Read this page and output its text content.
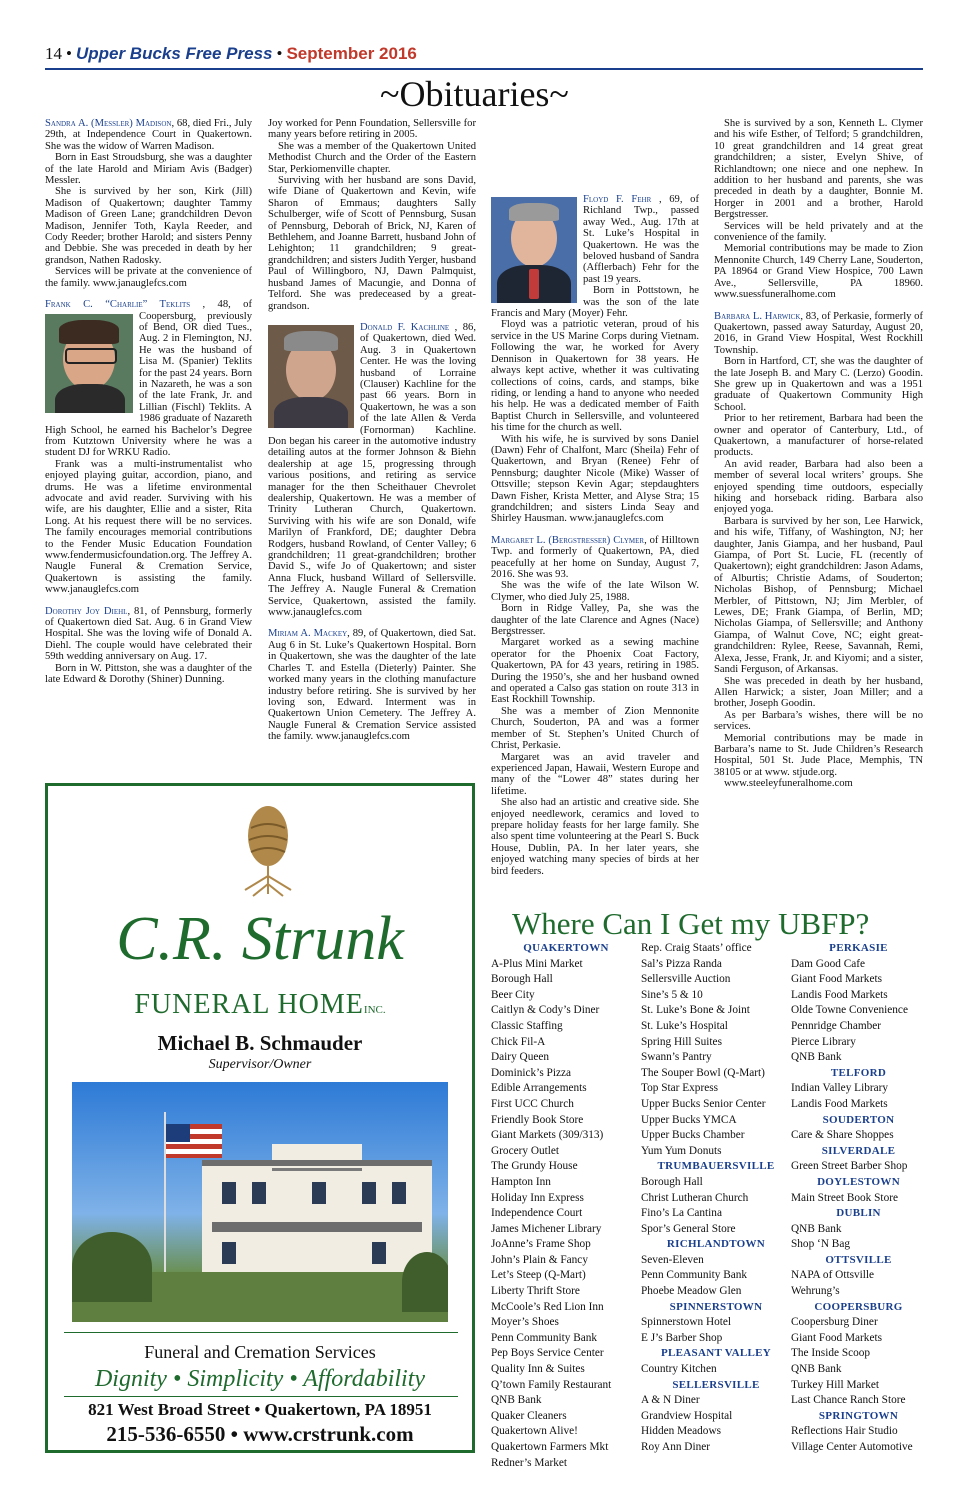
14 • Upper Bucks Free Press • September 2016
~Obituaries~

Sandra A. (Messler) Madison, 68, died Fri., July 29th, at Independence Court in Quakertown. She was the widow of Warren Madison.

Born in East Stroudsburg, she was a daughter of the late Harold and Miriam Avis (Badger) Messler.

She is survived by her son, Kirk (Jill) Madison of Quakertown; daughter Tammy Madison of Green Lane; grandchildren Devon Madison, Jennifer Toth, Kayla Reeder, and Cody Reeder; brother Harold; and sisters Penny and Debbie. She was preceded in death by her grandson, Nathen Radosky.

Services will be private at the convenience of the family. www.janauglefcs.com

Frank C. “Charlie” Teklits , 48, of Coopersburg, previously of Bend, OR died Tues., Aug. 2 in Flemington, NJ. He was the husband of Lisa M. (Spanier) Teklits for the past 24 years. Born in Nazareth, he was a son of the late Frank, Jr. and Lillian (Fischl) Teklits. A 1986 graduate of Nazareth High School, he earned his Bachelor’s Degree from Kutztown University where he was a student DJ for WRKU Radio.

Frank was a multi-instrumentalist who enjoyed playing guitar, accordion, piano, and drums. He was a lifetime environmental advocate and avid reader. Surviving with his wife, are his daughter, Ellie and a sister, Rita Long. At his request there will be no services. The family encourages memorial contributions to the Fender Music Education Foundation www.fendermusicfoundation.org. The Jeffrey A. Naugle Funeral & Cremation Service, Quakertown is assisting the family. www.janauglefcs.com

Dorothy Joy Diehl, 81, of Pennsburg, formerly of Quakertown died Sat. Aug. 6 in Grand View Hospital. She was the loving wife of Donald A. Diehl. The couple would have celebrated their 59th wedding anniversary on Aug. 17.

Born in W. Pittston, she was a daughter of the late Edward & Dorothy (Shiner) Dunning.

Joy worked for Penn Foundation, Sellersville for many years before retiring in 2005.

She was a member of the Quakertown United Methodist Church and the Order of the Eastern Star, Perkiomenville chapter.

Surviving with her husband are sons David, wife Diane of Quakertown and Kevin, wife Sharon of Emmaus; daughters Sally Schulberger, wife of Scott of Pennsburg, Susan of Pennsburg, Deborah of Brick, NJ, Karen of Bethlehem, and Joanne Barrett, husband John of Lehighton; 11 grandchildren; 9 great-grandchildren; and sisters Judith Yerger, husband Paul of Willingboro, NJ, Dawn Palmquist, husband James of Macungie, and Donna of Telford. She was predeceased by a great-grandson.

Donald F. Kachline , 86, of Quakertown, died Wed. Aug. 3 in Quakertown Center. He was the loving husband of Lorraine (Clauser) Kachline for the past 66 years. Born in Quakertown, he was a son of the late Allen & Verda (Fornorman) Kachline. Don began his career in the automotive industry detailing autos at the former Johnson & Biehn dealership at age 15, progressing through various positions, and retiring as service manager for the then Scheithauer Chevrolet dealership, Quakertown. He was a member of Trinity Lutheran Church, Quakertown. Surviving with his wife are son Donald, wife Marilyn of Frankford, DE; daughter Debra Rodgers, husband Rowland, of Center Valley; 6 grandchildren; 11 great-grandchildren; brother David S., wife Jo of Quakertown; and sister Anna Fluck, husband Willard of Sellersville. The Jeffrey A. Naugle Funeral & Cremation Service, Quakertown, assisted the family. www.janauglefcs.com

Miriam A. Mackey, 89, of Quakertown, died Sat. Aug 6 in St. Luke’s Quakertown Hospital. Born in Quakertown, she was the daughter of the late Charles T. and Estella (Dieterly) Painter. She worked many years in the clothing manufacture industry before retiring. She is survived by her loving son, Edward. Interment was in Quakertown Union Cemetery. The Jeffrey A. Naugle Funeral & Cremation Service assisted the family. www.janauglefcs.com

Floyd F. Fehr , 69, of Richland Twp., passed away Wed., Aug. 17th at St. Luke’s Hospital in Quakertown. He was the beloved husband of Sandra (Afflerbach) Fehr for the past 19 years.

Born in Pottstown, he was the son of the late Francis and Mary (Moyer) Fehr.

Floyd was a patriotic veteran, proud of his service in the US Marine Corps during Vietnam. Following the war, he worked for Avery Dennison in Quakertown for 38 years. He always kept active, whether it was cultivating collections of coins, cards, and stamps, bike riding, or lending a hand to anyone who needed his help. He was a dedicated member of Faith Baptist Church in Sellersville, and volunteered his time for the church as well.

With his wife, he is survived by sons Daniel (Dawn) Fehr of Chalfont, Marc (Sheila) Fehr of Quakertown, and Bryan (Renee) Fehr of Pennsburg; daughter Nicole (Mike) Wasser of Ottsville; stepson Kevin Agar; stepdaughters Dawn Fisher, Krista Metter, and Alyse Stra; 15 grandchildren; and sisters Linda Seay and Shirley Hausman. www.janauglefcs.com

Margaret L. (Bergstresser) Clymer, of Hilltown Twp. and formerly of Quakertown, PA, died peacefully at her home on Sunday, August 7, 2016. She was 93.

She was the wife of the late Wilson W. Clymer, who died July 25, 1988.

Born in Ridge Valley, Pa, she was the daughter of the late Clarence and Agnes (Nace) Bergstresser.

Margaret worked as a sewing machine operator for the Phoenix Coat Factory, Quakertown, PA for 43 years, retiring in 1985. During the 1950’s, she and her husband owned and operated a Calso gas station on route 313 in East Rockhill Township.

She was a member of Zion Mennonite Church, Souderton, PA and was a former member of St. Stephen’s United Church of Christ, Perkasie.

Margaret was an avid traveler and experienced Japan, Hawaii, Western Europe and many of the “Lower 48” states during her lifetime.

She also had an artistic and creative side. She enjoyed needlework, ceramics and loved to prepare holiday feasts for her large family. She also spent time volunteering at the Pearl S. Buck House, Dublin, PA. In her later years, she enjoyed watching many species of birds at her bird feeders.

She is survived by a son, Kenneth L. Clymer and his wife Esther, of Telford; 5 grandchildren, 10 great grandchildren and 14 great great grandchildren; a sister, Evelyn Shive, of Richlandtown; one niece and one nephew. In addition to her husband and parents, she was preceded in death by a daughter, Bonnie M. Horger in 2001 and a brother, Harold Bergstresser.

Services will be held privately and at the convenience of the family.

Memorial contributions may be made to Zion Mennonite Church, 149 Cherry Lane, Souderton, PA 18964 or Grand View Hospice, 700 Lawn Ave., Sellersville, PA 18960. www.suessfuneralhome.com

Barbara L. Harwick, 83, of Perkasie, formerly of Quakertown, passed away Saturday, August 20, 2016, in Grand View Hospital, West Rockhill Township.

Born in Hartford, CT, she was the daughter of the late Joseph B. and Mary C. (Lerzo) Goodin. She grew up in Quakertown and was a 1951 graduate of Quakertown Community High School.

Prior to her retirement, Barbara had been the owner and operator of Canterbury, Ltd., of Quakertown, a manufacturer of horse-related products.

An avid reader, Barbara had also been a member of several local writers’ groups. She enjoyed spending time outdoors, especially hiking and horseback riding. Barbara also enjoyed yoga.

Barbara is survived by her son, Lee Harwick, and his wife, Tiffany, of Washington, NJ; her daughter, Janis Giampa, and her husband, Paul Giampa, of Port St. Lucie, FL (recently of Quakertown); eight grandchildren: Jason Adams, of Alburtis; Christie Adams, of Souderton; Nicholas Bishop, of Pennsburg; Michael Merbler, of Pittstown, NJ; Jim Merbler, of Lewes, DE; Frank Giampa, of Berlin, MD; Nicholas Giampa, of Sellersville; and Anthony Giampa, of Walnut Cove, NC; eight great-grandchildren: Rylee, Reese, Savannah, Remi, Alexa, Jesse, Frank, Jr. and Kiyomi; and a sister, Sandi Ferguson, of Arkansas.

She was preceded in death by her husband, Allen Harwick; a sister, Joan Miller; and a brother, Joseph Goodin.

As per Barbara’s wishes, there will be no services.

Memorial contributions may be made in Barbara’s name to St. Jude Children’s Research Hospital, 501 St. Jude Place, Memphis, TN 38105 or at www. stjude.org.

www.steeleyfuneralhome.com

C.R. Strunk
FUNERAL HOMEINC.
Michael B. Schmauder
Supervisor/Owner
Funeral and Cremation Services
Dignity • Simplicity • Affordability
821 West Broad Street • Quakertown, PA 18951
215-536-6550 • www.crstrunk.com
Where Can I Get my UBFP?
QUAKERTOWN
A-Plus Mini Market
Borough Hall
Beer City
Caitlyn & Cody’s Diner
Classic Staffing
Chick Fil-A
Dairy Queen
Dominick’s Pizza
Edible Arrangements
First UCC Church
Friendly Book Store
Giant Markets (309/313)
Grocery Outlet
The Grundy House
Hampton Inn
Holiday Inn Express
Independence Court
James Michener Library
JoAnne’s Frame Shop
John’s Plain & Fancy
Let’s Steep (Q-Mart)
Liberty Thrift Store
McCoole’s Red Lion Inn
Moyer’s Shoes
Penn Community Bank
Pep Boys Service Center
Quality Inn & Suites
Q’town Family Restaurant
QNB Bank
Quaker Cleaners
Quakertown Alive!
Quakertown Farmers Mkt
Redner’s Market
Rep. Craig Staats’ office
Sal’s Pizza Randa
Sellersville Auction
Sine’s 5 & 10
St. Luke’s Bone & Joint
St. Luke’s Hospital
Spring Hill Suites
Swann’s Pantry
The Souper Bowl (Q-Mart)
Top Star Express
Upper Bucks Senior Center
Upper Bucks YMCA
Upper Bucks Chamber
Yum Yum Donuts
TRUMBAUERSVILLE
Borough Hall
Christ Lutheran Church
Fino’s La Cantina
Spor’s General Store
RICHLANDTOWN
Seven-Eleven
Penn Community Bank
Phoebe Meadow Glen
SPINNERSTOWN
Spinnerstown Hotel
E J’s Barber Shop
PLEASANT VALLEY
Country Kitchen
SELLERSVILLE
A & N Diner
Grandview Hospital
Hidden Meadows
Roy Ann Diner
PERKASIE
Dam Good Cafe
Giant Food Markets
Landis Food Markets
Olde Towne Convenience
Pennridge Chamber
Pierce Library
QNB Bank
TELFORD
Indian Valley Library
Landis Food Markets
SOUDERTON
Care & Share Shoppes
SILVERDALE
Green Street Barber Shop
DOYLESTOWN
Main Street Book Store
DUBLIN
QNB Bank
Shop ‘N Bag
OTTSVILLE
NAPA of Ottsville
Wehrung’s
COOPERSBURG
Coopersburg Diner
Giant Food Markets
The Inside Scoop
QNB Bank
Turkey Hill Market
Last Chance Ranch Store
SPRINGTOWN
Reflections Hair Studio
Village Center Automotive
